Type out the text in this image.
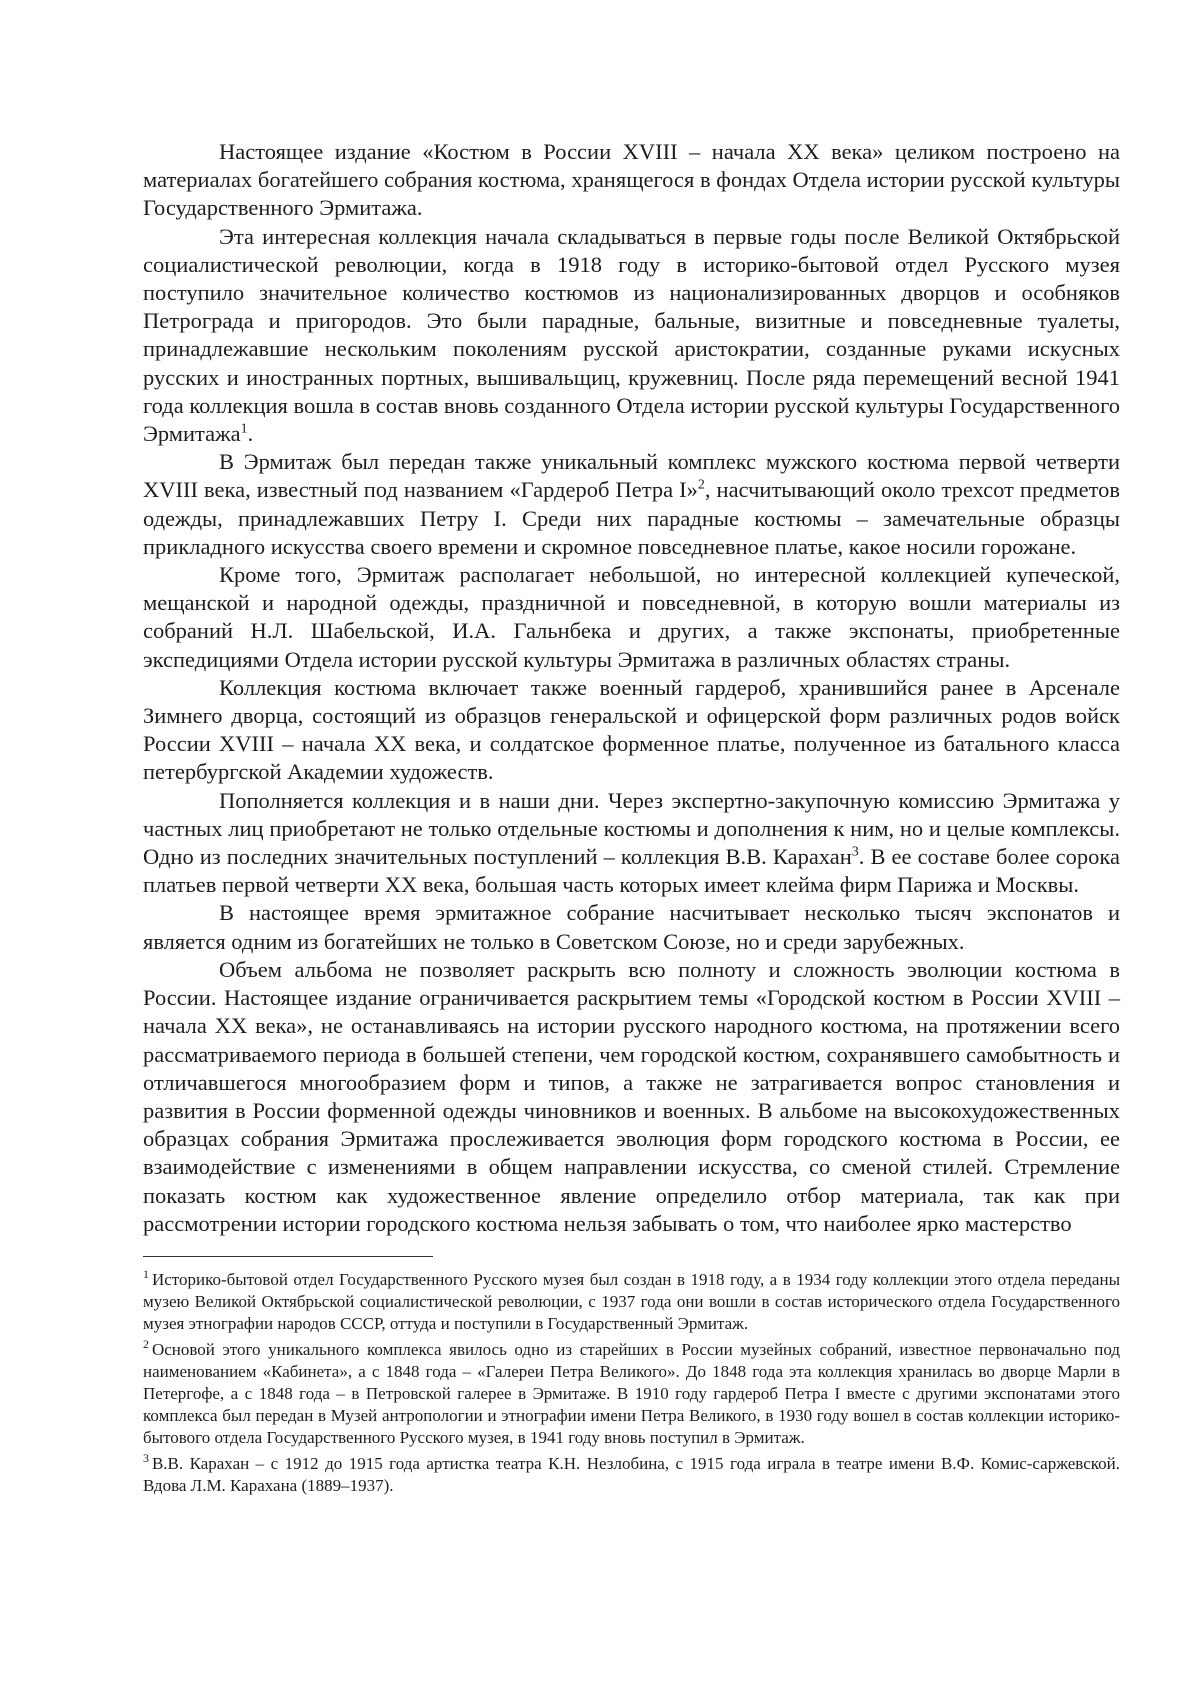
Настоящее издание «Костюм в России XVIII – начала XX века» целиком построено на материалах богатейшего собрания костюма, хранящегося в фондах Отдела истории русской культуры Государственного Эрмитажа.

Эта интересная коллекция начала складываться в первые годы после Великой Октябрьской социалистической революции, когда в 1918 году в историко-бытовой отдел Русского музея поступило значительное количество костюмов из национализированных дворцов и особняков Петрограда и пригородов. Это были парадные, бальные, визитные и повседневные туалеты, принадлежавшие нескольким поколениям русской аристократии, созданные руками искусных русских и иностранных портных, вышивальщиц, кружевниц. После ряда перемещений весной 1941 года коллекция вошла в состав вновь созданного Отдела истории русской культуры Государственного Эрмитажа$^1$.

В Эрмитаж был передан также уникальный комплекс мужского костюма первой четверти XVIII века, известный под названием «Гардероб Петра I»$^2$, насчитывающий около трехсот предметов одежды, принадлежавших Петру I. Среди них парадные костюмы – замечательные образцы прикладного искусства своего времени и скромное повседневное платье, какое носили горожане.

Кроме того, Эрмитаж располагает небольшой, но интересной коллекцией купеческой, мещанской и народной одежды, праздничной и повседневной, в которую вошли материалы из собраний Н.Л. Шабельской, И.А. Гальнбека и других, а также экспонаты, приобретенные экспедициями Отдела истории русской культуры Эрмитажа в различных областях страны.

Коллекция костюма включает также военный гардероб, хранившийся ранее в Арсенале Зимнего дворца, состоящий из образцов генеральской и офицерской форм различных родов войск России XVIII – начала XX века, и солдатское форменное платье, полученное из батального класса петербургской Академии художеств.

Пополняется коллекция и в наши дни. Через экспертно-закупочную комиссию Эрмитажа у частных лиц приобретают не только отдельные костюмы и дополнения к ним, но и целые комплексы. Одно из последних значительных поступлений – коллекция В.В. Карахан$^3$. В ее составе более сорока платьев первой четверти XX века, большая часть которых имеет клейма фирм Парижа и Москвы.

В настоящее время эрмитажное собрание насчитывает несколько тысяч экспонатов и является одним из богатейших не только в Советском Союзе, но и среди зарубежных.

Объем альбома не позволяет раскрыть всю полноту и сложность эволюции костюма в России. Настоящее издание ограничивается раскрытием темы «Городской костюм в России XVIII – начала XX века», не останавливаясь на истории русского народного костюма, на протяжении всего рассматриваемого периода в большей степени, чем городской костюм, сохранявшего самобытность и отличавшегося многообразием форм и типов, а также не затрагивается вопрос становления и развития в России форменной одежды чиновников и военных. В альбоме на высокохудожественных образцах собрания Эрмитажа прослеживается эволюция форм городского костюма в России, ее взаимодействие с изменениями в общем направлении искусства, со сменой стилей. Стремление показать костюм как художественное явление определило отбор материала, так как при рассмотрении истории городского костюма нельзя забывать о том, что наиболее ярко мастерство

$^1$ Историко-бытовой отдел Государственного Русского музея был создан в 1918 году, а в 1934 году коллекции этого отдела переданы музею Великой Октябрьской социалистической революции, с 1937 года они вошли в состав исторического отдела Государственного музея этнографии народов СССР, оттуда и поступили в Государственный Эрмитаж.

$^2$ Основой этого уникального комплекса явилось одно из старейших в России музейных собраний, известное первоначально под наименованием «Кабинета», а с 1848 года – «Галереи Петра Великого». До 1848 года эта коллекция хранилась во дворце Марли в Петергофе, а с 1848 года – в Петровской галерее в Эрмитаже. В 1910 году гардероб Петра I вместе с другими экспонатами этого комплекса был передан в Музей антропологии и этнографии имени Петра Великого, в 1930 году вошел в состав коллекции историко-бытового отдела Государственного Русского музея, в 1941 году вновь поступил в Эрмитаж.

$^3$ В.В. Карахан – с 1912 до 1915 года артистка театра К.Н. Незлобина, с 1915 года играла в театре имени В.Ф. Комис-саржевской. Вдова Л.М. Карахана (1889–1937).
